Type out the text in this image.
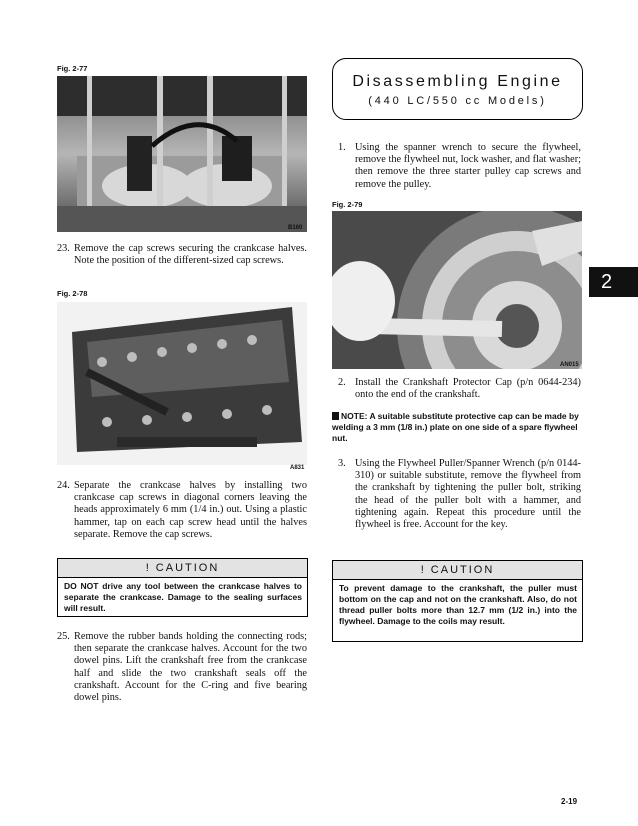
Fig. 2-77
B160
23. Remove the cap screws securing the crankcase halves. Note the position of the different-sized cap screws.
Fig. 2-78
A831
24. Separate the crankcase halves by installing two crankcase cap screws in diagonal corners leaving the heads approximately 6 mm (1/4 in.) out. Using a plastic hammer, tap on each cap screw head until the halves separate. Remove the cap screws.
! CAUTION
DO NOT drive any tool between the crankcase halves to separate the crankcase. Damage to the sealing surfaces will result.
25. Remove the rubber bands holding the connecting rods; then separate the crankcase halves. Account for the two dowel pins. Lift the crankshaft free from the crankcase half and slide the two crankshaft seals off the crankshaft. Account for the C-ring and five bearing dowel pins.
Disassembling Engine
(440 LC/550 cc Models)
1. Using the spanner wrench to secure the flywheel, remove the flywheel nut, lock washer, and flat washer; then remove the three starter pulley cap screws and remove the pulley.
Fig. 2-79
AN015
2. Install the Crankshaft Protector Cap (p/n 0644-234) onto the end of the crankshaft.
NOTE: A suitable substitute protective cap can be made by welding a 3 mm (1/8 in.) plate on one side of a spare flywheel nut.
3. Using the Flywheel Puller/Spanner Wrench (p/n 0144-310) or suitable substitute, remove the flywheel from the crankshaft by tightening the puller bolt, striking the head of the puller bolt with a hammer, and tightening again. Repeat this procedure until the flywheel is free. Account for the key.
! CAUTION
To prevent damage to the crankshaft, the puller must bottom on the cap and not on the crankshaft. Also, do not thread puller bolts more than 12.7 mm (1/2 in.) into the flywheel. Damage to the coils may result.
2
2-19
